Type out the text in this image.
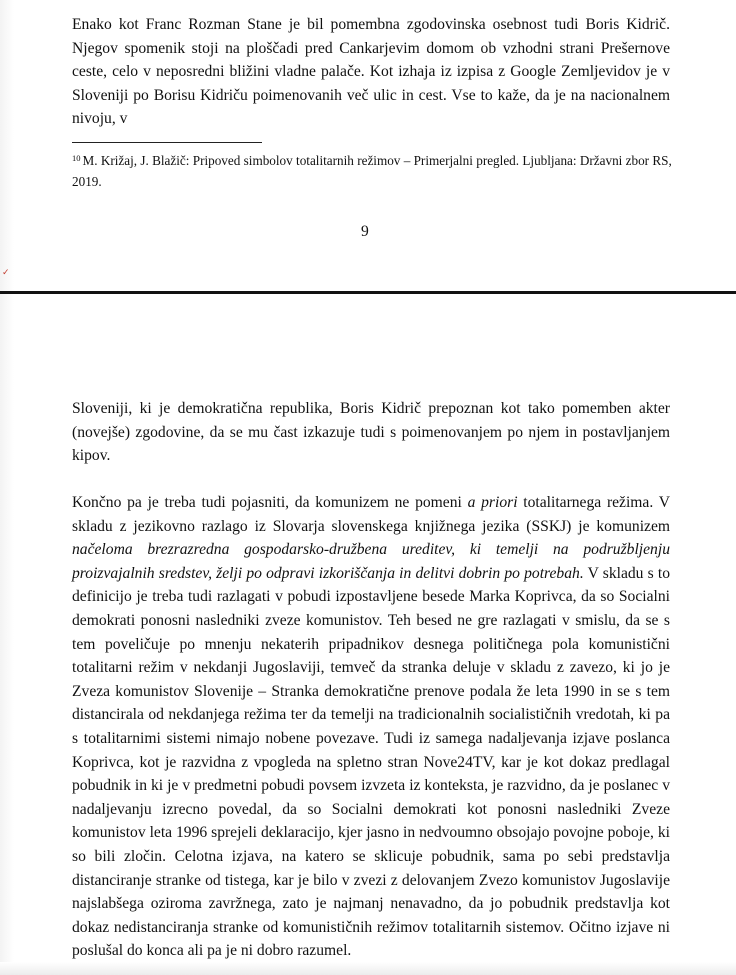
Enako kot Franc Rozman Stane je bil pomembna zgodovinska osebnost tudi Boris Kidrič. Njegov spomenik stoji na ploščadi pred Cankarjevim domom ob vzhodni strani Prešernove ceste, celo v neposredni bližini vladne palače. Kot izhaja iz izpisa z Google Zemljevidov je v Sloveniji po Borisu Kidriču poimenovanih več ulic in cest. Vse to kaže, da je na nacionalnem nivoju, v

$^{10}$ M. Križaj, J. Blažič: Pripoved simbolov totalitarnih režimov – Primerjalni pregled. Ljubljana: Državni zbor RS, 2019.
9
✓

Sloveniji, ki je demokratična republika, Boris Kidrič prepoznan kot tako pomemben akter (novejše) zgodovine, da se mu čast izkazuje tudi s poimenovanjem po njem in postavljanjem kipov.

Končno pa je treba tudi pojasniti, da komunizem ne pomeni a priori totalitarnega režima. V skladu z jezikovno razlago iz Slovarja slovenskega knjižnega jezika (SSKJ) je komunizem načeloma brezrazredna gospodarsko-družbena ureditev, ki temelji na podružbljenju proizvajalnih sredstev, želji po odpravi izkoriščanja in delitvi dobrin po potrebah. V skladu s to definicijo je treba tudi razlagati v pobudi izpostavljene besede Marka Koprivca, da so Socialni demokrati ponosni nasledniki zveze komunistov. Teh besed ne gre razlagati v smislu, da se s tem poveličuje po mnenju nekaterih pripadnikov desnega političnega pola komunistični totalitarni režim v nekdanji Jugoslaviji, temveč da stranka deluje v skladu z zavezo, ki jo je Zveza komunistov Slovenije – Stranka demokratične prenove podala že leta 1990 in se s tem distancirala od nekdanjega režima ter da temelji na tradicionalnih socialističnih vredotah, ki pa s totalitarnimi sistemi nimajo nobene povezave. Tudi iz samega nadaljevanja izjave poslanca Koprivca, kot je razvidna z vpogleda na spletno stran Nove24TV, kar je kot dokaz predlagal pobudnik in ki je v predmetni pobudi povsem izvzeta iz konteksta, je razvidno, da je poslanec v nadaljevanju izrecno povedal, da so Socialni demokrati kot ponosni nasledniki Zveze komunistov leta 1996 sprejeli deklaracijo, kjer jasno in nedvoumno obsojajo povojne poboje, ki so bili zločin. Celotna izjava, na katero se sklicuje pobudnik, sama po sebi predstavlja distanciranje stranke od tistega, kar je bilo v zvezi z delovanjem Zvezo komunistov Jugoslavije najslabšega oziroma zavržnega, zato je najmanj nenavadno, da jo pobudnik predstavlja kot dokaz nedistanciranja stranke od komunističnih režimov totalitarnih sistemov. Očitno izjave ni poslušal do konca ali pa je ni dobro razumel.
